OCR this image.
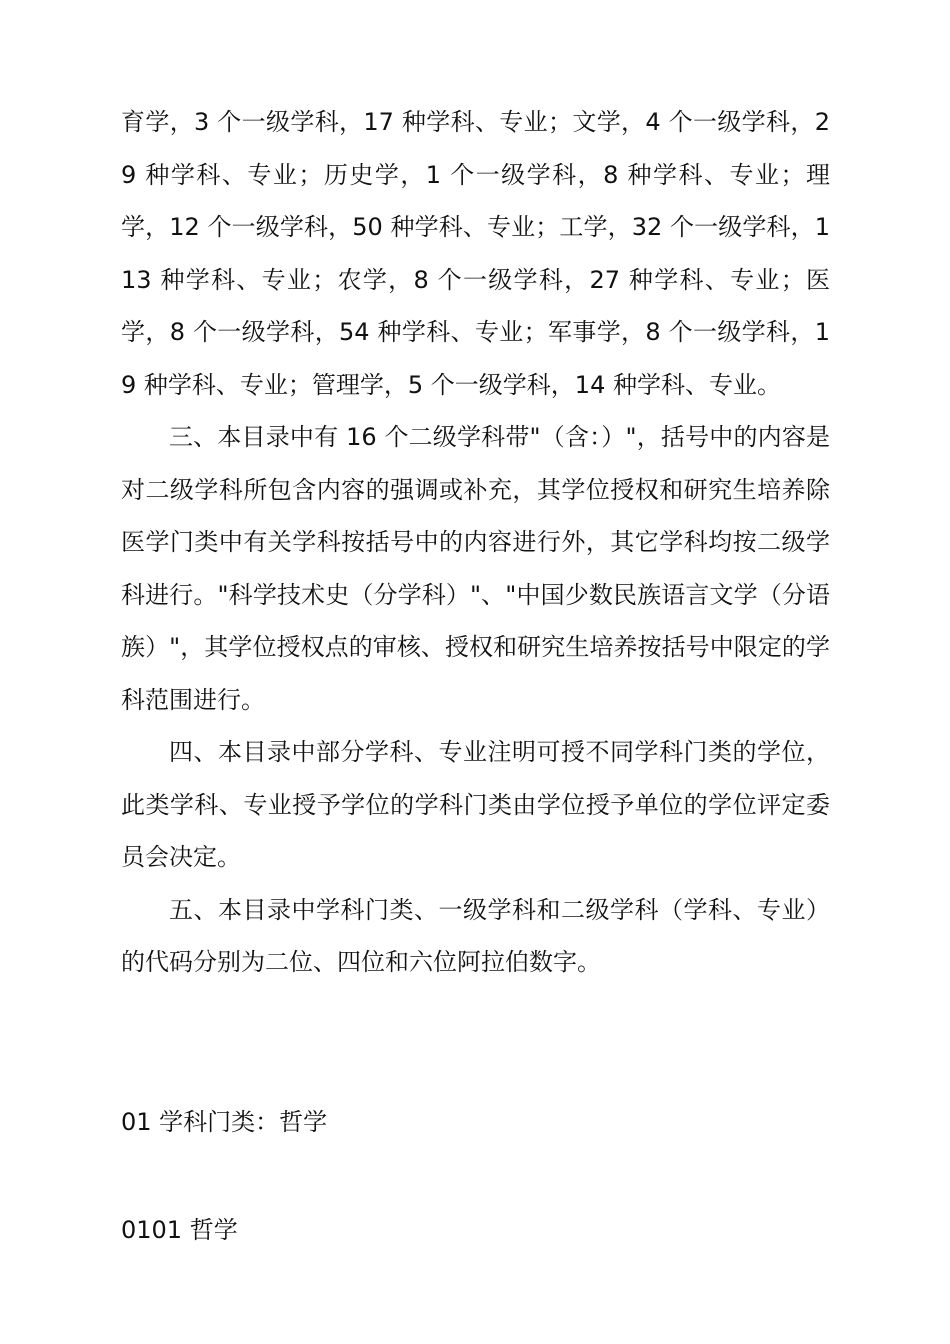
育学，3 个一级学科，17 种学科、专业；文学，4 个一级学科，29 种学科、专业；历史学，1 个一级学科，8 种学科、专业；理学，12 个一级学科，50 种学科、专业；工学，32 个一级学科，113 种学科、专业；农学，8 个一级学科，27 种学科、专业；医学，8 个一级学科，54 种学科、专业；军事学，8 个一级学科，19 种学科、专业；管理学，5 个一级学科，14 种学科、专业。

三、本目录中有 16 个二级学科带"（含：）"，括号中的内容是对二级学科所包含内容的强调或补充，其学位授权和研究生培养除医学门类中有关学科按括号中的内容进行外，其它学科均按二级学科进行。"科学技术史（分学科）"、"中国少数民族语言文学（分语族）"，其学位授权点的审核、授权和研究生培养按括号中限定的学科范围进行。

四、本目录中部分学科、专业注明可授不同学科门类的学位，此类学科、专业授予学位的学科门类由学位授予单位的学位评定委员会决定。

五、本目录中学科门类、一级学科和二级学科（学科、专业）的代码分别为二位、四位和六位阿拉伯数字。

01 学科门类：哲学

0101 哲学
